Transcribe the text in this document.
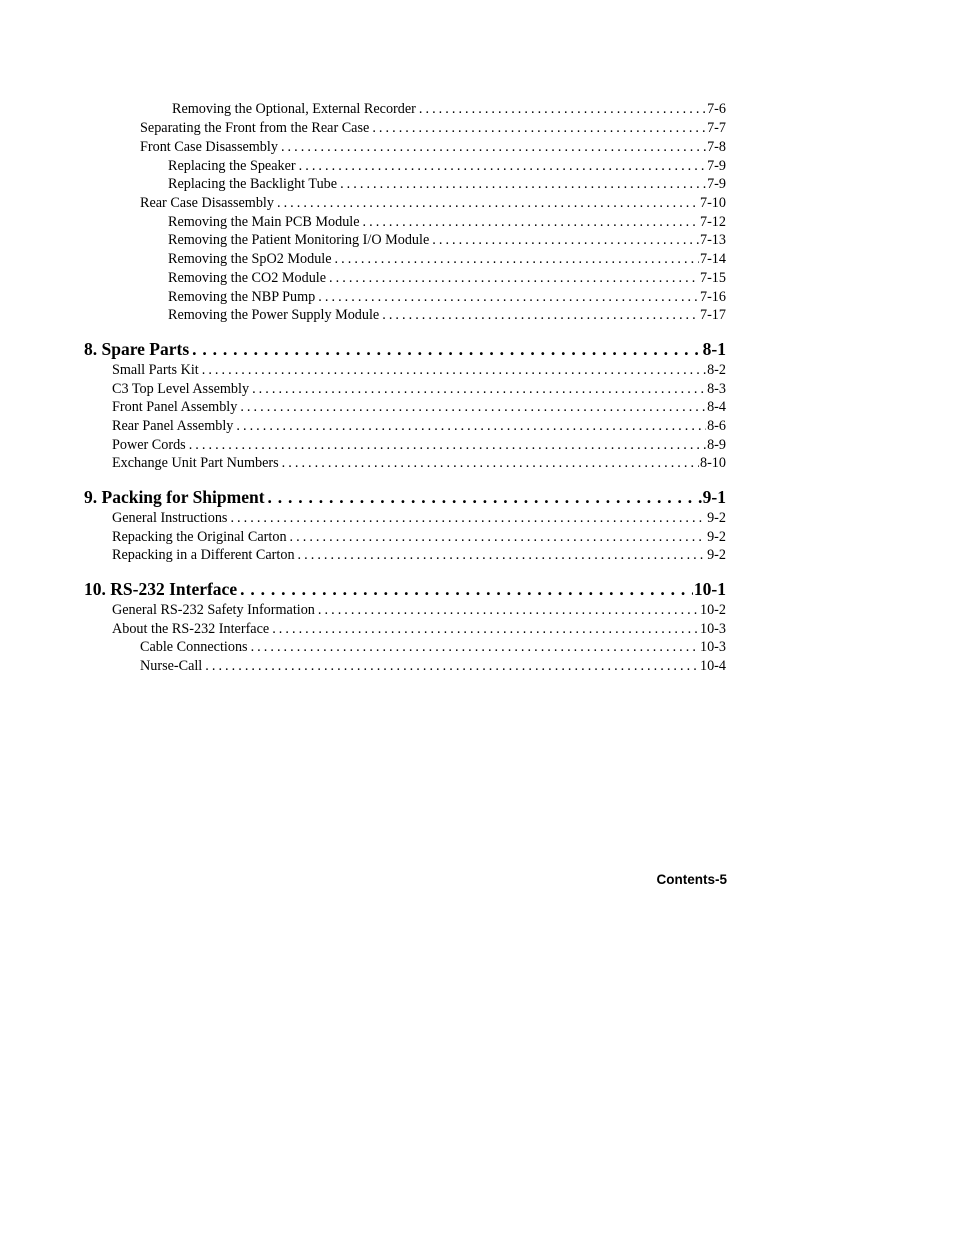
Removing the Optional, External Recorder . . .	7-6
Separating the Front from the Rear Case . . .	7-7
Front Case Disassembly . . .	7-8
Replacing the Speaker . . .	7-9
Replacing the Backlight Tube . . .	7-9
Rear Case Disassembly . . .	7-10
Removing the Main PCB Module . . .	7-12
Removing the Patient Monitoring I/O Module . . .	7-13
Removing the SpO2 Module . . .	7-14
Removing the CO2 Module . . .	7-15
Removing the NBP Pump . . .	7-16
Removing the Power Supply Module . . .	7-17
8. Spare Parts . . .	8-1
Small Parts Kit . . .	8-2
C3 Top Level Assembly . . .	8-3
Front Panel Assembly . . .	8-4
Rear Panel Assembly . . .	8-6
Power Cords . . .	8-9
Exchange Unit Part Numbers . . .	8-10
9. Packing for Shipment . . .	9-1
General Instructions . . .	9-2
Repacking the Original Carton . . .	9-2
Repacking in a Different Carton . . .	9-2
10. RS-232 Interface . . .	10-1
General RS-232 Safety Information . . .	10-2
About the RS-232 Interface . . .	10-3
Cable Connections . . .	10-3
Nurse-Call . . .	10-4
Contents-5
